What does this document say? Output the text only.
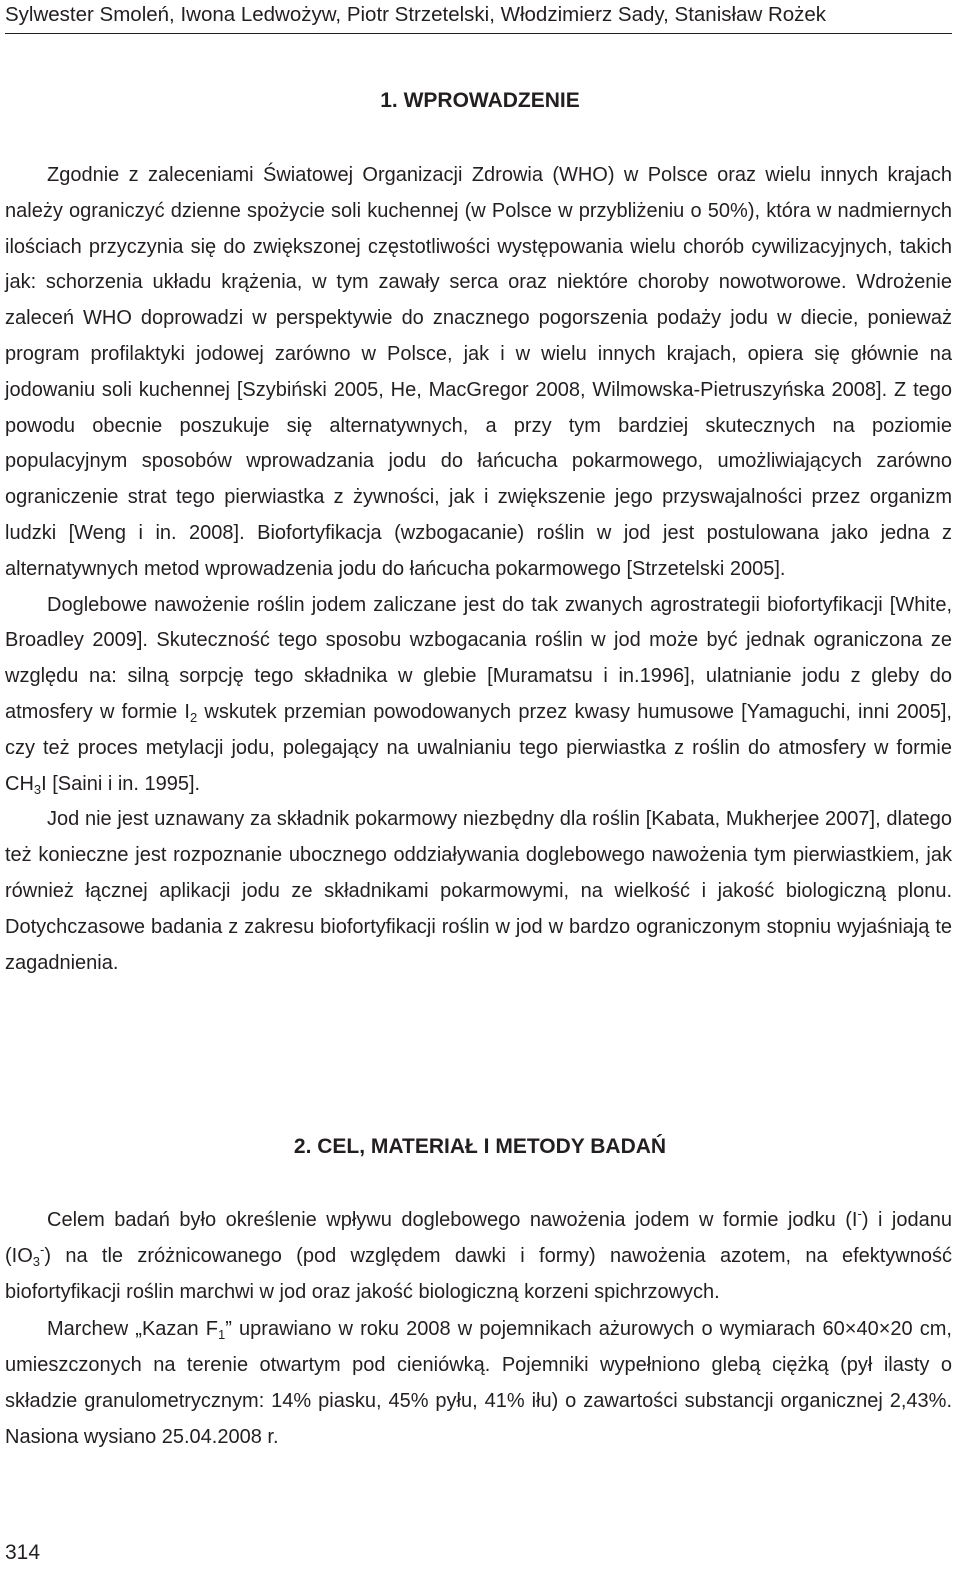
Sylwester Smoleń, Iwona Ledwożyw, Piotr Strzetelski, Włodzimierz Sady, Stanisław Rożek
1. WPROWADZENIE

Zgodnie z zaleceniami Światowej Organizacji Zdrowia (WHO) w Polsce oraz wielu innych krajach należy ograniczyć dzienne spożycie soli kuchennej (w Polsce w przybliżeniu o 50%), która w nadmiernych ilościach przyczynia się do zwiększonej częstotliwości występowania wielu chorób cywilizacyjnych, takich jak: schorzenia układu krążenia, w tym zawały serca oraz niektóre choroby nowotworowe. Wdrożenie zaleceń WHO doprowadzi w perspektywie do znacznego pogorszenia podaży jodu w diecie, ponieważ program profilaktyki jodowej zarówno w Polsce, jak i w wielu innych krajach, opiera się głównie na jodowaniu soli kuchennej [Szybiński 2005, He, MacGregor 2008, Wilmowska-Pietruszyńska 2008]. Z tego powodu obecnie poszukuje się alternatywnych, a przy tym bardziej skutecznych na poziomie populacyjnym sposobów wprowadzania jodu do łańcucha pokarmowego, umożliwiających zarówno ograniczenie strat tego pierwiastka z żywności, jak i zwiększenie jego przyswajalności przez organizm ludzki [Weng i in. 2008]. Biofortyfikacja (wzbogacanie) roślin w jod jest postulowana jako jedna z alternatywnych metod wprowadzenia jodu do łańcucha pokarmowego [Strzetelski 2005].

Doglebowe nawożenie roślin jodem zaliczane jest do tak zwanych agrostrategii biofortyfikacji [White, Broadley 2009]. Skuteczność tego sposobu wzbogacania roślin w jod może być jednak ograniczona ze względu na: silną sorpcję tego składnika w glebie [Muramatsu i in.1996], ulatnianie jodu z gleby do atmosfery w formie $I_2$ wskutek przemian powodowanych przez kwasy humusowe [Yamaguchi, inni 2005], czy też proces metylacji jodu, polegający na uwalnianiu tego pierwiastka z roślin do atmosfery w formie $CH_3I$ [Saini i in. 1995].

Jod nie jest uznawany za składnik pokarmowy niezbędny dla roślin [Kabata, Mukherjee 2007], dlatego też konieczne jest rozpoznanie ubocznego oddziaływania doglebowego nawożenia tym pierwiastkiem, jak również łącznej aplikacji jodu ze składnikami pokarmowymi, na wielkość i jakość biologiczną plonu. Dotychczasowe badania z zakresu biofortyfikacji roślin w jod w bardzo ograniczonym stopniu wyjaśniają te zagadnienia.

2. CEL, MATERIAŁ I METODY BADAŃ

Celem badań było określenie wpływu doglebowego nawożenia jodem w formie jodku (I-) i jodanu $(IO_3^-)$ na tle zróżnicowanego (pod względem dawki i formy) nawożenia azotem, na efektywność biofortyfikacji roślin marchwi w jod oraz jakość biologiczną korzeni spichrzowych.

Marchew „Kazan $F_1$” uprawiano w roku 2008 w pojemnikach ażurowych o wymiarach 60×40×20 cm, umieszczonych na terenie otwartym pod cieniówką. Pojemniki wypełniono glebą ciężką (pył ilasty o składzie granulometrycznym: 14% piasku, 45% pyłu, 41% iłu) o zawartości substancji organicznej 2,43%. Nasiona wysiano 25.04.2008 r.

314
